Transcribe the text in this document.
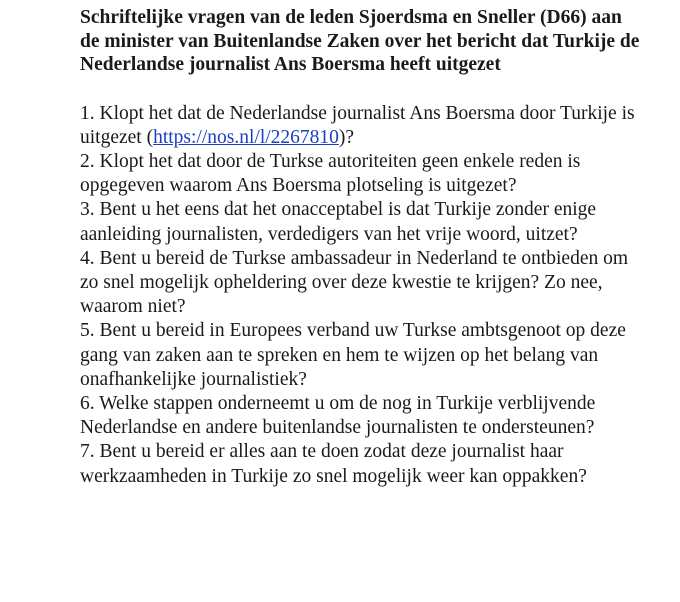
Schriftelijke vragen van de leden Sjoerdsma en Sneller (D66) aan de minister van Buitenlandse Zaken over het bericht dat Turkije de Nederlandse journalist Ans Boersma heeft uitgezet
1. Klopt het dat de Nederlandse journalist Ans Boersma door Turkije is uitgezet (https://nos.nl/l/2267810)?
2. Klopt het dat door de Turkse autoriteiten geen enkele reden is opgegeven waarom Ans Boersma plotseling is uitgezet?
3. Bent u het eens dat het onacceptabel is dat Turkije zonder enige aanleiding journalisten, verdedigers van het vrije woord, uitzet?
4. Bent u bereid de Turkse ambassadeur in Nederland te ontbieden om zo snel mogelijk opheldering over deze kwestie te krijgen? Zo nee, waarom niet?
5. Bent u bereid in Europees verband uw Turkse ambtsgenoot op deze gang van zaken aan te spreken en hem te wijzen op het belang van onafhankelijke journalistiek?
6. Welke stappen onderneemt u om de nog in Turkije verblijvende Nederlandse en andere buitenlandse journalisten te ondersteunen?
7. Bent u bereid er alles aan te doen zodat deze journalist haar werkzaamheden in Turkije zo snel mogelijk weer kan oppakken?
